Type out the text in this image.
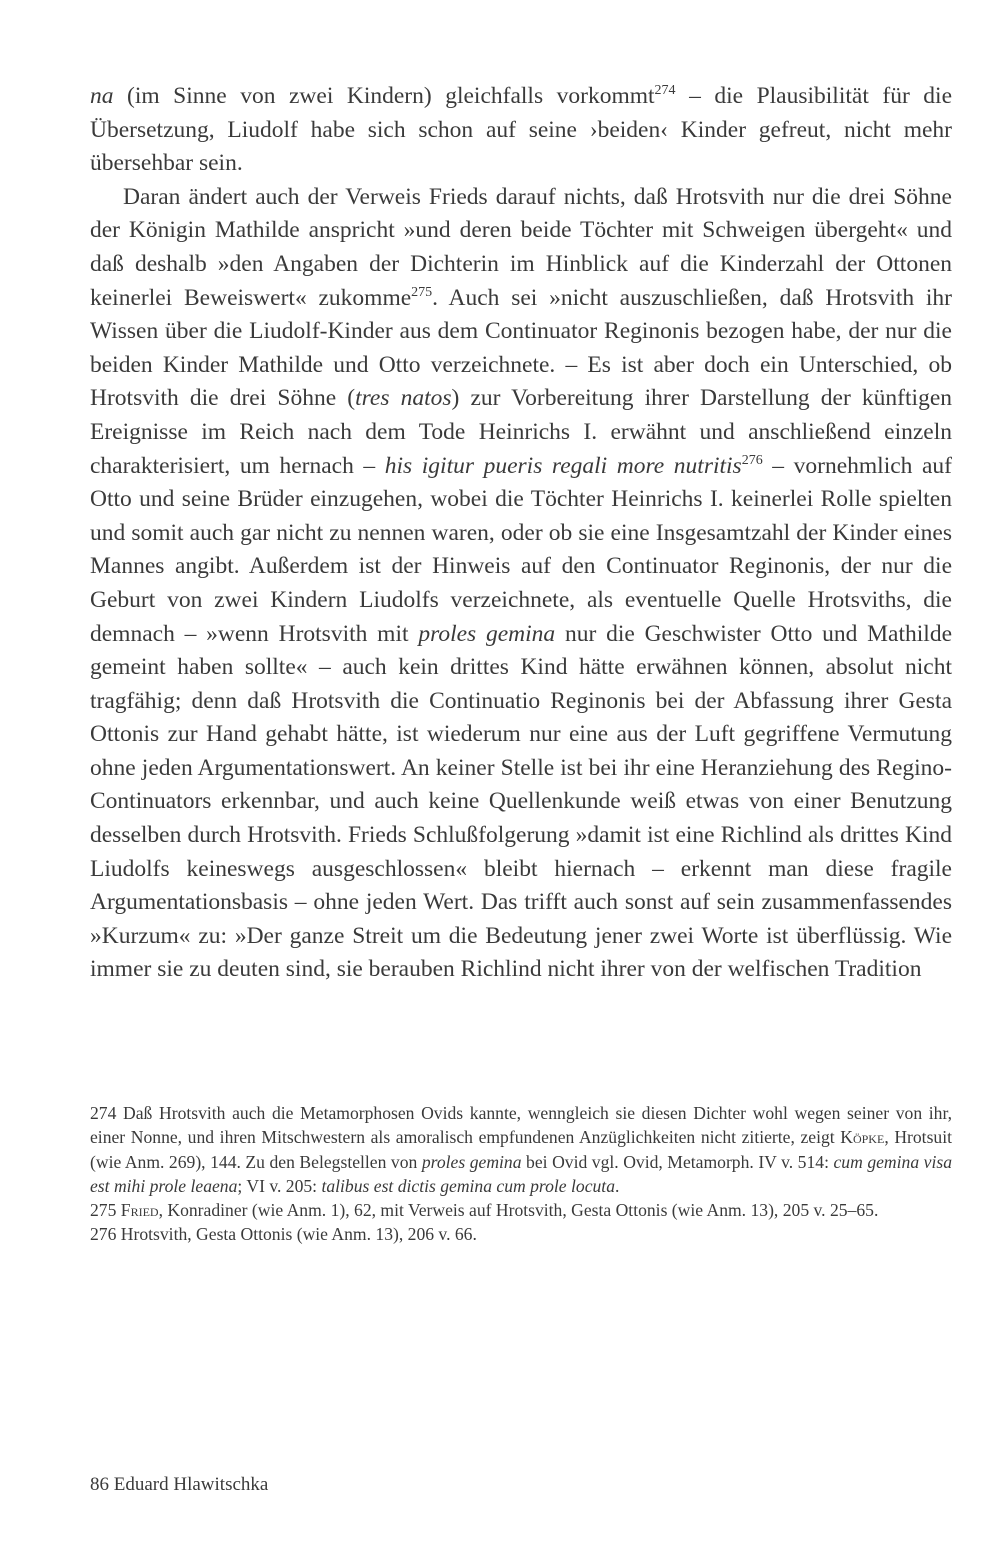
na (im Sinne von zwei Kindern) gleichfalls vorkommt$^{274}$ – die Plausibilität für die Übersetzung, Liudolf habe sich schon auf seine ›beiden‹ Kinder gefreut, nicht mehr übersehbar sein.

Daran ändert auch der Verweis Frieds darauf nichts, daß Hrotsvith nur die drei Söhne der Königin Mathilde anspricht »und deren beide Töchter mit Schweigen übergeht« und daß deshalb »den Angaben der Dichterin im Hinblick auf die Kinderzahl der Ottonen keinerlei Beweiswert« zukomme$^{275}$. Auch sei »nicht auszuschließen, daß Hrotsvith ihr Wissen über die Liudolf-Kinder aus dem Continuator Reginonis bezogen habe, der nur die beiden Kinder Mathilde und Otto verzeichnete. – Es ist aber doch ein Unterschied, ob Hrotsvith die drei Söhne (tres natos) zur Vorbereitung ihrer Darstellung der künftigen Ereignisse im Reich nach dem Tode Heinrichs I. erwähnt und anschließend einzeln charakterisiert, um hernach – his igitur pueris regali more nutritis$^{276}$ – vornehmlich auf Otto und seine Brüder einzugehen, wobei die Töchter Heinrichs I. keinerlei Rolle spielten und somit auch gar nicht zu nennen waren, oder ob sie eine Insgesamtzahl der Kinder eines Mannes angibt. Außerdem ist der Hinweis auf den Continuator Reginonis, der nur die Geburt von zwei Kindern Liudolfs verzeichnete, als eventuelle Quelle Hrotsviths, die demnach – »wenn Hrotsvith mit proles gemina nur die Geschwister Otto und Mathilde gemeint haben sollte« – auch kein drittes Kind hätte erwähnen können, absolut nicht tragfähig; denn daß Hrotsvith die Continuatio Reginonis bei der Abfassung ihrer Gesta Ottonis zur Hand gehabt hätte, ist wiederum nur eine aus der Luft gegriffene Vermutung ohne jeden Argumentationswert. An keiner Stelle ist bei ihr eine Heranziehung des Regino-Continuators erkennbar, und auch keine Quellenkunde weiß etwas von einer Benutzung desselben durch Hrotsvith. Frieds Schlußfolgerung »damit ist eine Richlind als drittes Kind Liudolfs keineswegs ausgeschlossen« bleibt hiernach – erkennt man diese fragile Argumentationsbasis – ohne jeden Wert. Das trifft auch sonst auf sein zusammenfassendes »Kurzum« zu: »Der ganze Streit um die Bedeutung jener zwei Worte ist überflüssig. Wie immer sie zu deuten sind, sie berauben Richlind nicht ihrer von der welfischen Tradition

274 Daß Hrotsvith auch die Metamorphosen Ovids kannte, wenngleich sie diesen Dichter wohl wegen seiner von ihr, einer Nonne, und ihren Mitschwestern als amoralisch empfundenen Anzüglichkeiten nicht zitierte, zeigt Köpke, Hrotsuit (wie Anm. 269), 144. Zu den Belegstellen von proles gemina bei Ovid vgl. Ovid, Metamorph. IV v. 514: cum gemina visa est mihi prole leaena; VI v. 205: talibus est dictis gemina cum prole locuta.

275 Fried, Konradiner (wie Anm. 1), 62, mit Verweis auf Hrotsvith, Gesta Ottonis (wie Anm. 13), 205 v. 25–65.

276 Hrotsvith, Gesta Ottonis (wie Anm. 13), 206 v. 66.

86 Eduard Hlawitschka
